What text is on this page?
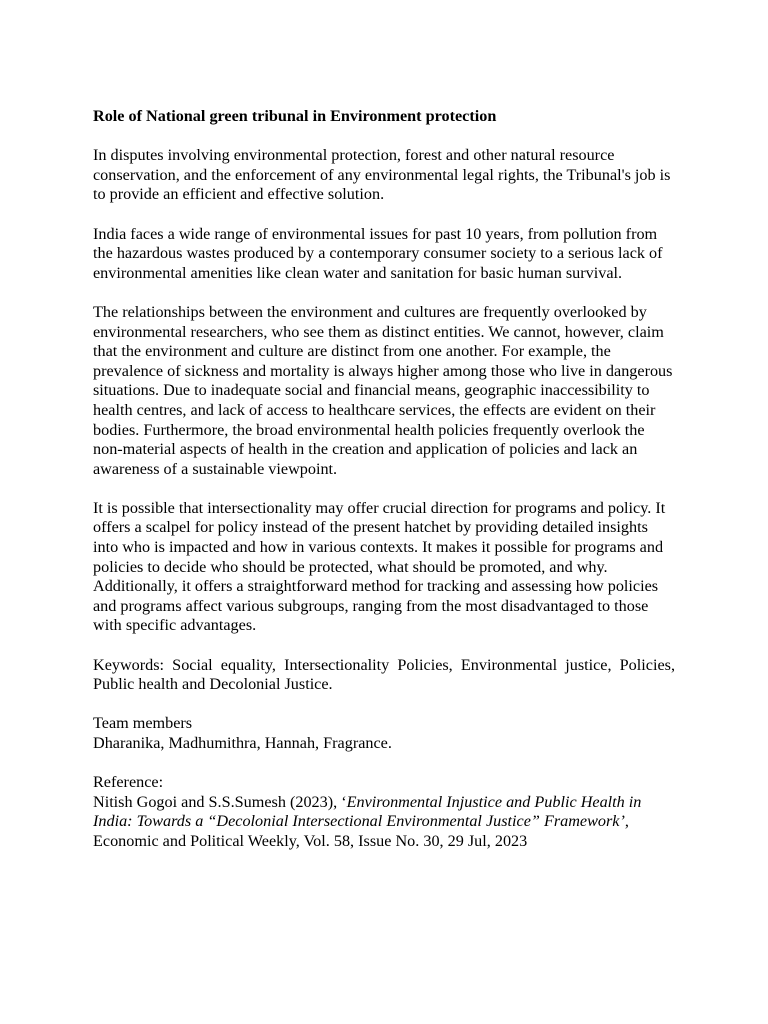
Role of National green tribunal in Environment protection

In disputes involving environmental protection, forest and other natural resource conservation, and the enforcement of any environmental legal rights, the Tribunal's job is to provide an efficient and effective solution.

India faces a wide range of environmental issues for past 10 years, from pollution from the hazardous wastes produced by a contemporary consumer society to a serious lack of environmental amenities like clean water and sanitation for basic human survival.

The relationships between the environment and cultures are frequently overlooked by environmental researchers, who see them as distinct entities. We cannot, however, claim that the environment and culture are distinct from one another. For example, the prevalence of sickness and mortality is always higher among those who live in dangerous situations. Due to inadequate social and financial means, geographic inaccessibility to health centres, and lack of access to healthcare services, the effects are evident on their bodies. Furthermore, the broad environmental health policies frequently overlook the non-material aspects of health in the creation and application of policies and lack an awareness of a sustainable viewpoint.

It is possible that intersectionality may offer crucial direction for programs and policy. It offers a scalpel for policy instead of the present hatchet by providing detailed insights into who is impacted and how in various contexts. It makes it possible for programs and policies to decide who should be protected, what should be promoted, and why. Additionally, it offers a straightforward method for tracking and assessing how policies and programs affect various subgroups, ranging from the most disadvantaged to those with specific advantages.

Keywords: Social equality, Intersectionality Policies, Environmental justice, Policies, Public health and Decolonial Justice.

Team members
Dharanika, Madhumithra, Hannah, Fragrance.

Reference:
Nitish Gogoi and S.S.Sumesh (2023), ‘Environmental Injustice and Public Health in India: Towards a “Decolonial Intersectional Environmental Justice” Framework’, Economic and Political Weekly, Vol. 58, Issue No. 30, 29 Jul, 2023
